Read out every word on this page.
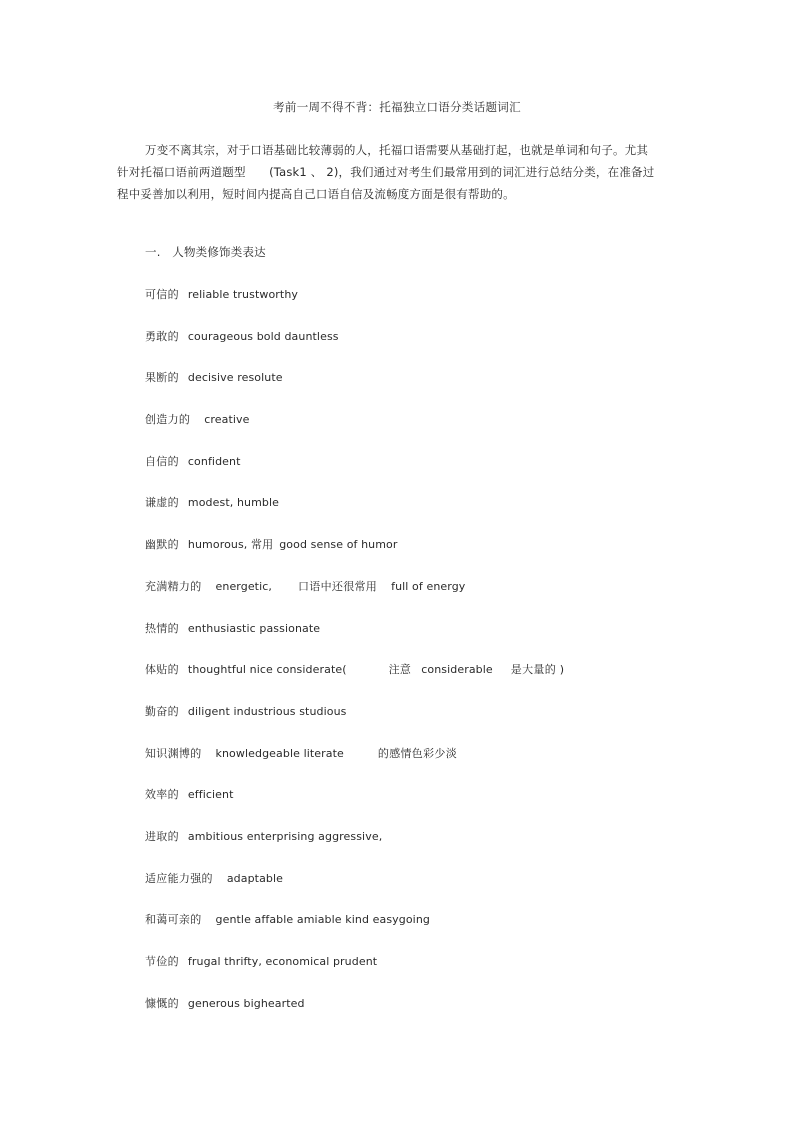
考前一周不得不背：托福独立口语分类话题词汇
万变不离其宗，对于口语基础比较薄弱的人，托福口语需要从基础打起，也就是单词和句子。尤其针对托福口语前两道题型　　(Task1 、 2)，我们通过对考生们最常用到的词汇进行总结分类，在准备过程中妥善加以利用，短时间内提高自己口语自信及流畅度方面是很有帮助的。
一.　人物类修饰类表达
可信的 reliable trustworthy
勇敢的 courageous bold dauntless
果断的 decisive resolute
创造力的 creative
自信的 confident
谦虚的 modest, humble
幽默的 humorous, 常用 good sense of humor
充满精力的 energetic, 口语中还很常用 full of energy
热情的 enthusiastic passionate
体贴的 thoughtful nice considerate(	注意 considerable 是大量的 )
勤奋的 diligent industrious studious
知识渊博的 knowledgeable literate	的感情色彩少淡
效率的 efficient
进取的 ambitious enterprising aggressive,
适应能力强的 adaptable
和蔼可亲的 gentle affable amiable kind easygoing
节俭的 frugal thrifty, economical prudent
慷慨的 generous bighearted
